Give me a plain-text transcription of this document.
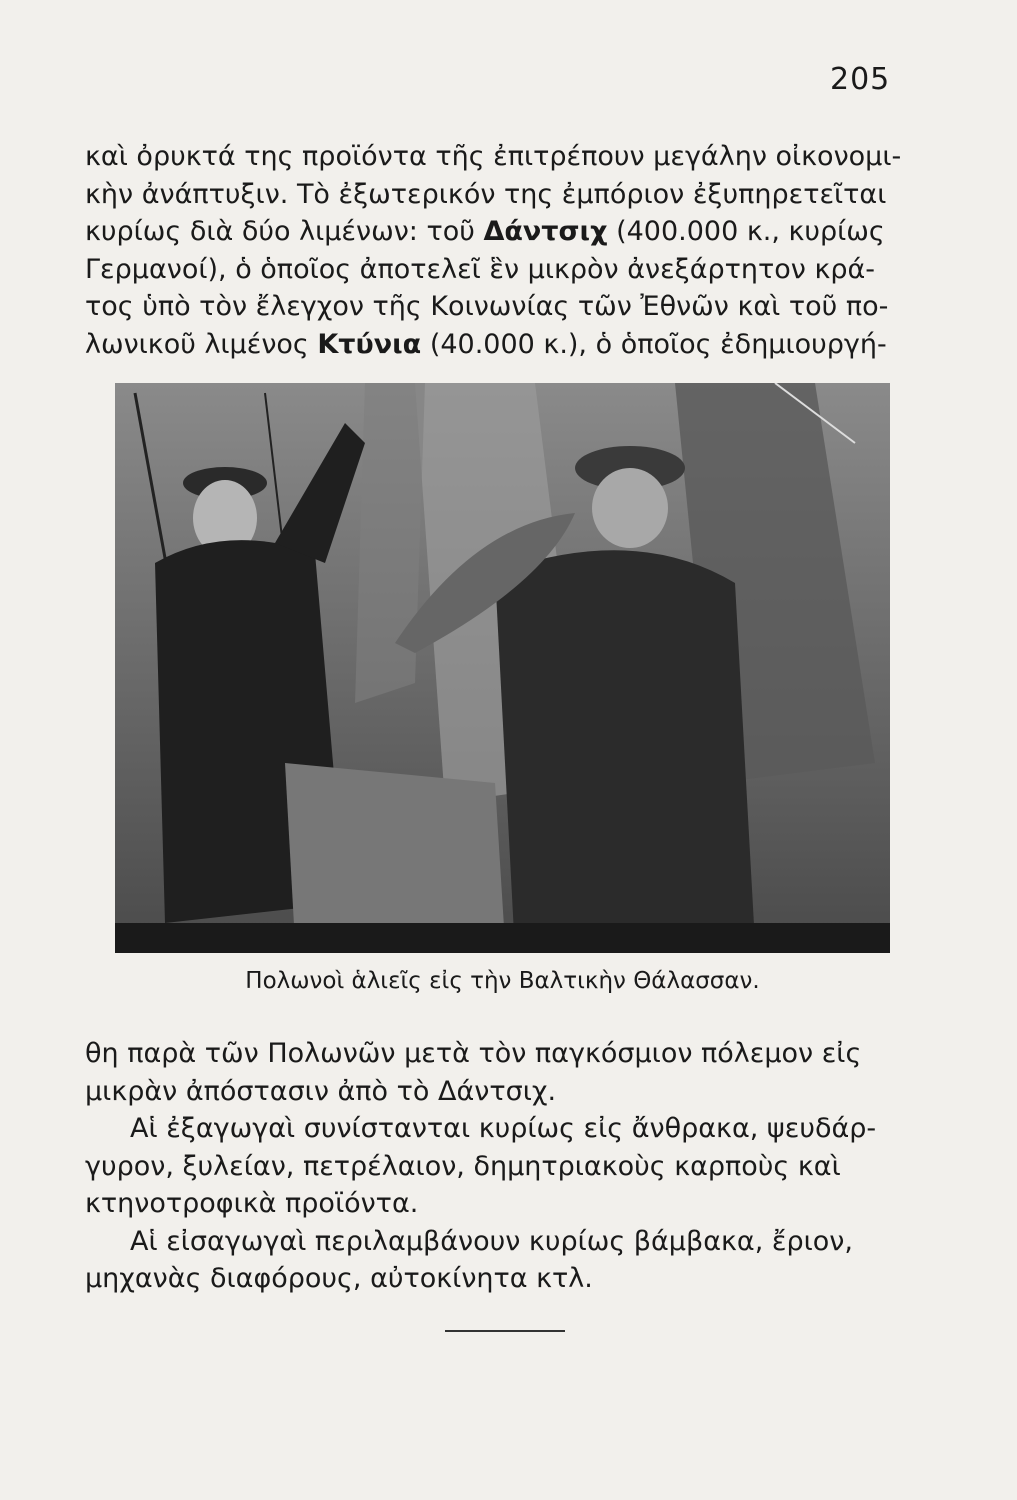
205
καὶ ὀρυκτά της προϊόντα τῆς ἐπιτρέπουν μεγάλην οἰκονομι-
κὴν ἀνάπτυξιν. Τὸ ἐξωτερικόν της ἐμπόριον ἐξυπηρετεῖται
κυρίως διὰ δύο λιμένων: τοῦ Δάντσιχ (400.000 κ., κυρίως
Γερμανοί), ὁ ὁποῖος ἀποτελεῖ ἓν μικρὸν ἀνεξάρτητον κρά-
τος ὑπὸ τὸν ἔλεγχον τῆς Κοινωνίας τῶν Ἐθνῶν καὶ τοῦ πο-
λωνικοῦ λιμένος Κτύνια (40.000 κ.), ὁ ὁποῖος ἐδημιουργή-
Πολωνοὶ ἁλιεῖς εἰς τὴν Βαλτικὴν Θάλασσαν.
θη παρὰ τῶν Πολωνῶν μετὰ τὸν παγκόσμιον πόλεμον εἰς
μικρὰν ἀπόστασιν ἀπὸ τὸ Δάντσιχ.
Αἱ ἐξαγωγαὶ συνίστανται κυρίως εἰς ἄνθρακα, ψευδάρ-
γυρον, ξυλείαν, πετρέλαιον, δημητριακοὺς καρποὺς καὶ
κτηνοτροφικὰ προϊόντα.
Αἱ εἰσαγωγαὶ περιλαμβάνουν κυρίως βάμβακα, ἔριον,
μηχανὰς διαφόρους, αὐτοκίνητα κτλ.
